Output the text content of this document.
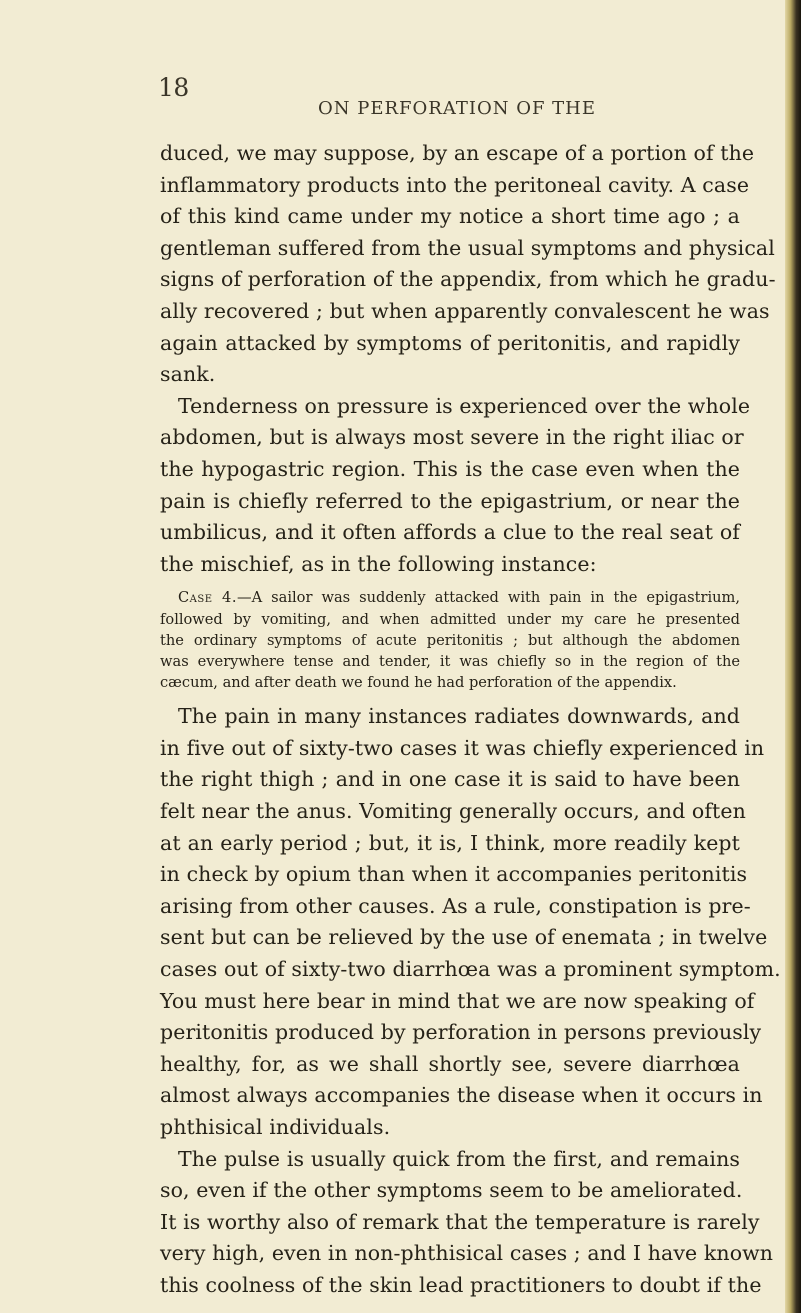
18
ON PERFORATION OF THE
duced, we may suppose, by an escape of a portion of the
inflammatory products into the peritoneal cavity. A case
of this kind came under my notice a short time ago ; a
gentleman suffered from the usual symptoms and physical
signs of perforation of the appendix, from which he gradu-
ally recovered ; but when apparently convalescent he was
again attacked by symptoms of peritonitis, and rapidly
sank.
Tenderness on pressure is experienced over the whole
abdomen, but is always most severe in the right iliac or
the hypogastric region. This is the case even when the
pain is chiefly referred to the epigastrium, or near the
umbilicus, and it often affords a clue to the real seat of
the mischief, as in the following instance:
Case 4.—A sailor was suddenly attacked with pain in the epigastrium,
followed by vomiting, and when admitted under my care he presented
the ordinary symptoms of acute peritonitis ; but although the abdomen
was everywhere tense and tender, it was chiefly so in the region of the
cæcum, and after death we found he had perforation of the appendix.
The pain in many instances radiates downwards, and
in five out of sixty-two cases it was chiefly experienced in
the right thigh ; and in one case it is said to have been
felt near the anus. Vomiting generally occurs, and often
at an early period ; but, it is, I think, more readily kept
in check by opium than when it accompanies peritonitis
arising from other causes. As a rule, constipation is pre-
sent but can be relieved by the use of enemata ; in twelve
cases out of sixty-two diarrhœa was a prominent symptom.
You must here bear in mind that we are now speaking of
peritonitis produced by perforation in persons previously
healthy, for, as we shall shortly see, severe diarrhœa
almost always accompanies the disease when it occurs in
phthisical individuals.
The pulse is usually quick from the first, and remains
so, even if the other symptoms seem to be ameliorated.
It is worthy also of remark that the temperature is rarely
very high, even in non-phthisical cases ; and I have known
this coolness of the skin lead practitioners to doubt if the
